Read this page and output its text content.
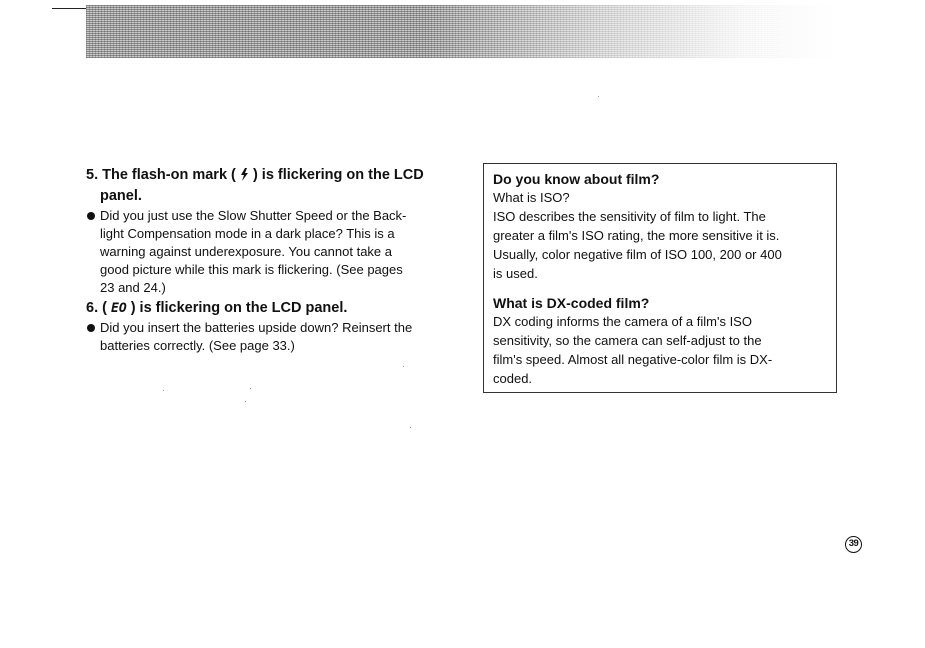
5. The flash-on mark ( ) is flickering on the LCD
panel.

Did you just use the Slow Shutter Speed or the Back-
light Compensation mode in a dark place? This is a
warning against underexposure. You cannot take a
good picture while this mark is flickering. (See pages
23 and 24.)

6. ( EO ) is flickering on the LCD panel.

Did you insert the batteries upside down? Reinsert the
batteries correctly. (See page 33.)

Do you know about film?

What is ISO?
ISO describes the sensitivity of film to light. The
greater a film's ISO rating, the more sensitive it is.
Usually, color negative film of ISO 100, 200 or 400
is used.

What is DX-coded film?

DX coding informs the camera of a film's ISO
sensitivity, so the camera can self-adjust to the
film's speed. Almost all negative-color film is DX-
coded.

39
